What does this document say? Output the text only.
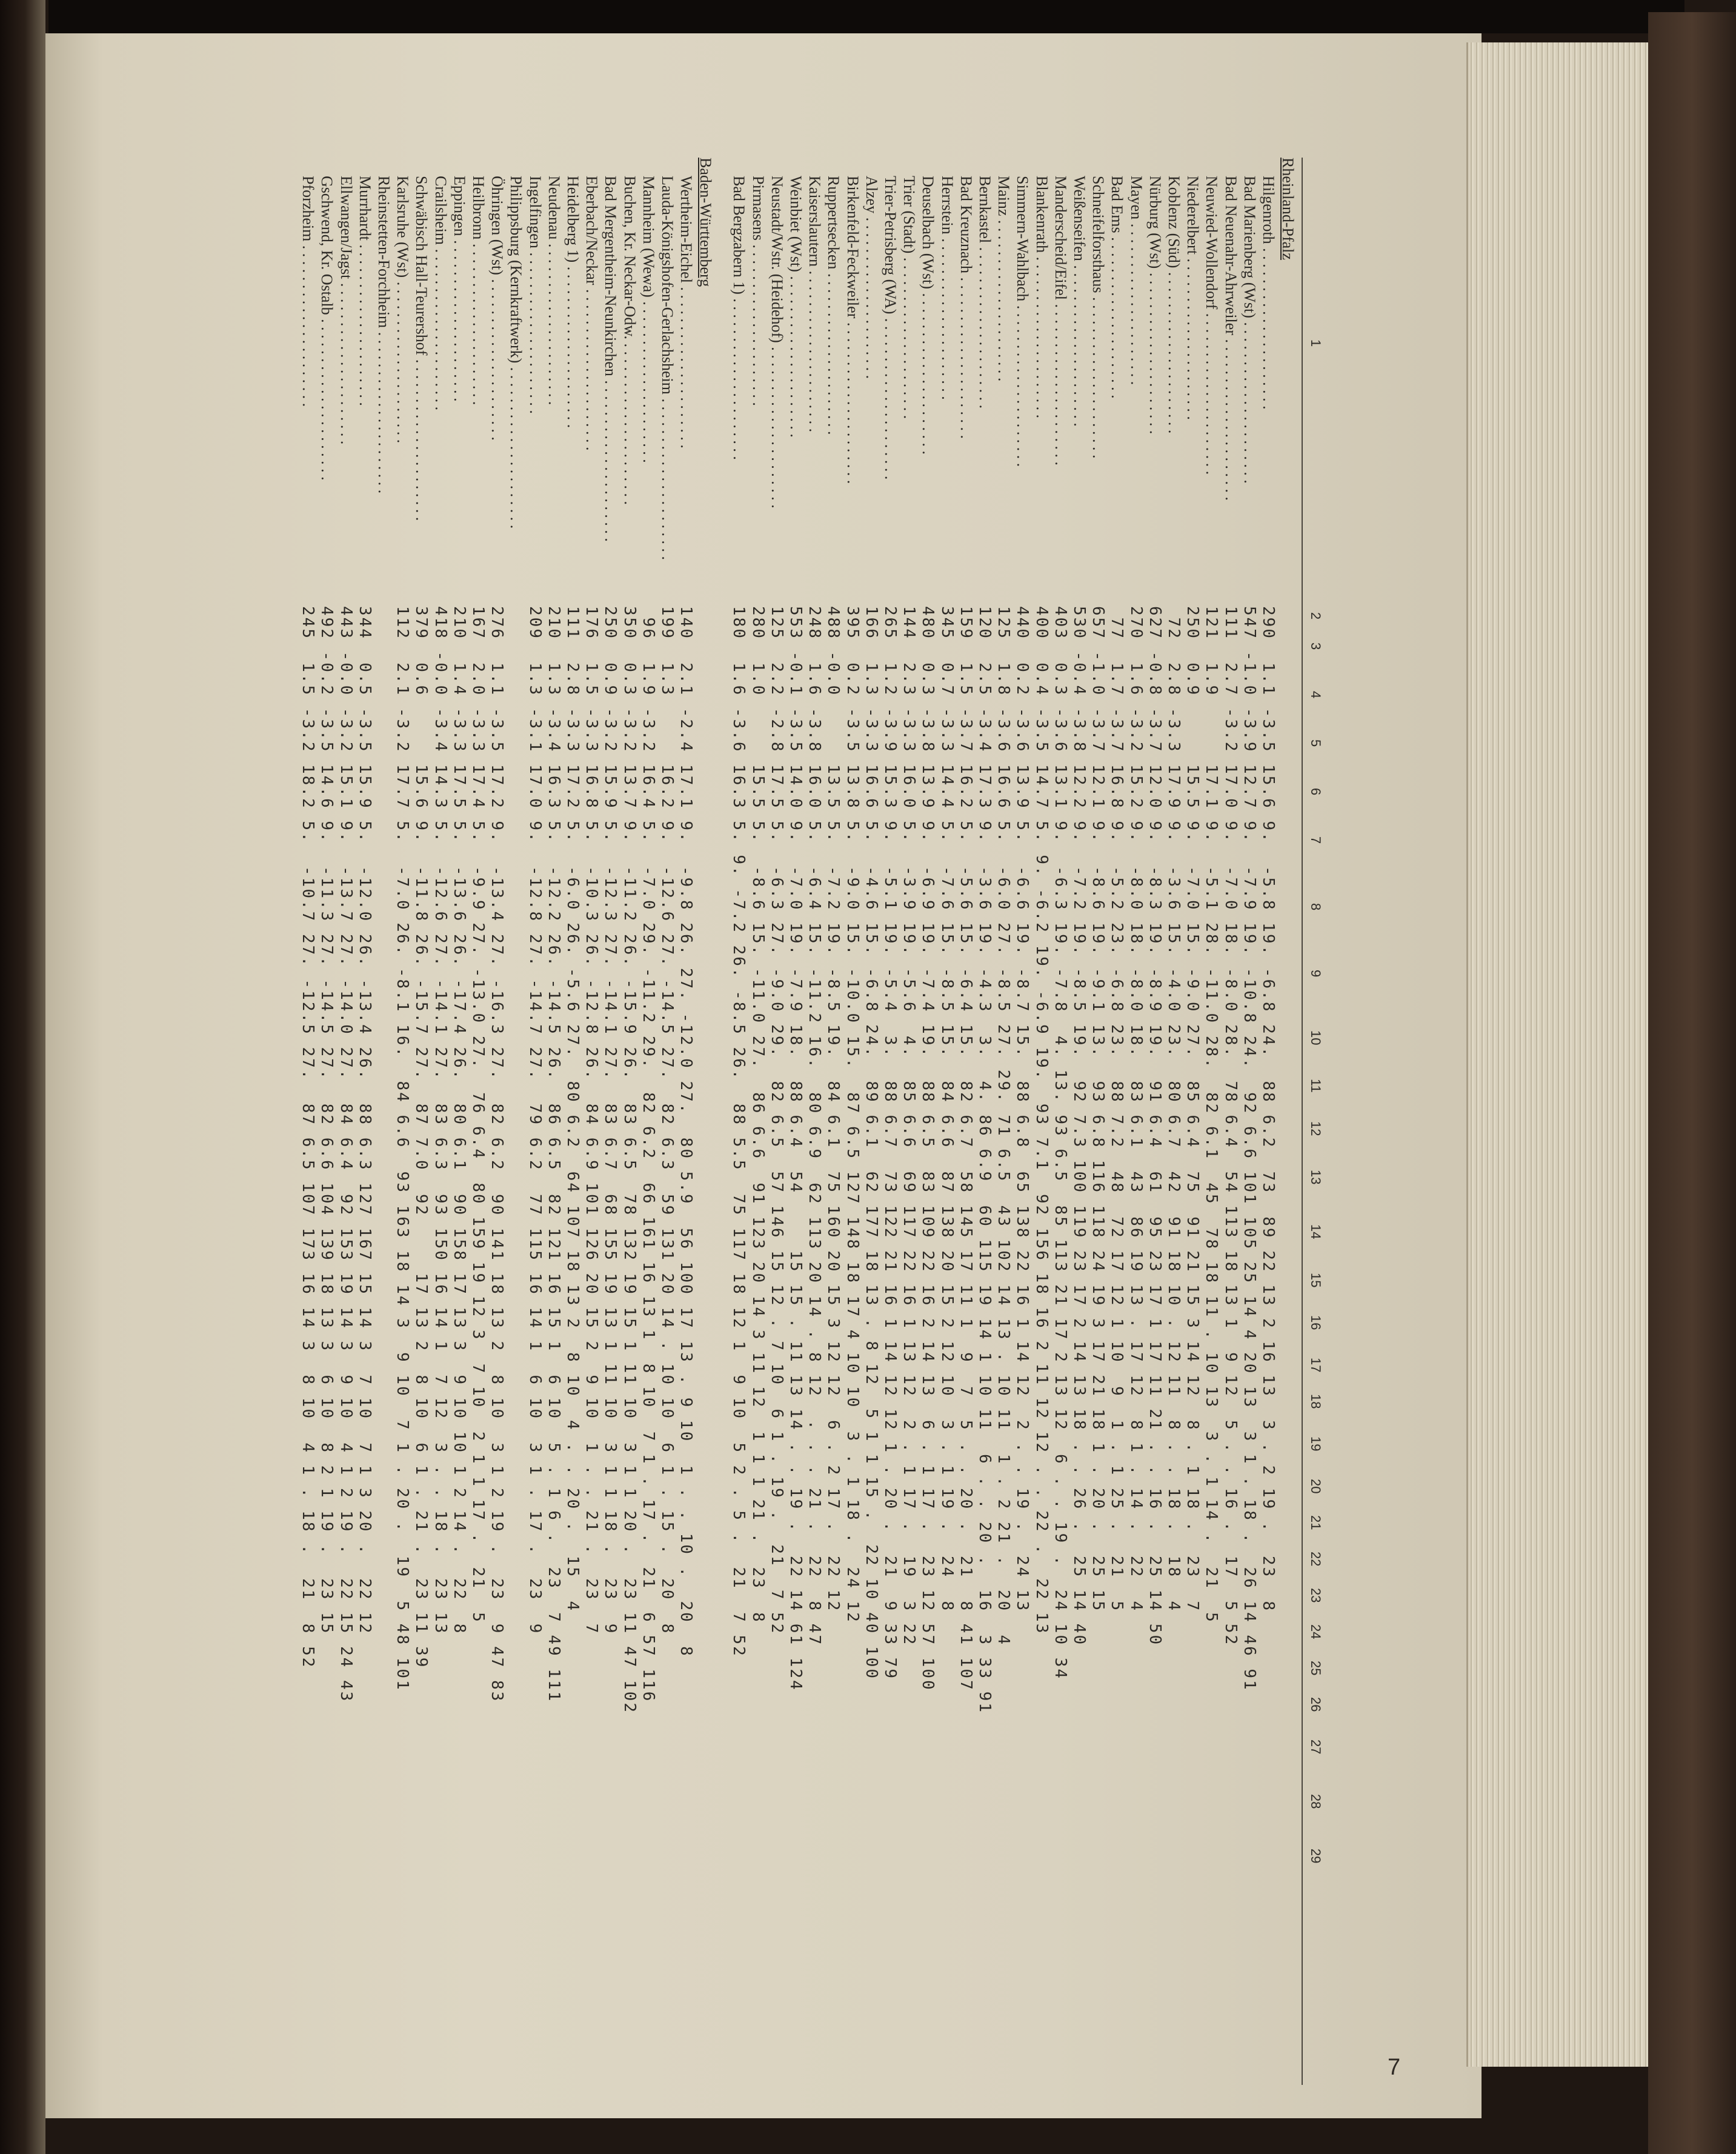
1
2
3
4
5
6
7
8
9
10
11
12
13
14
15
16
17
18
19
20
21
22
23
24
25
26
27
28
29
Rheinland-Pfalz
Hilgenroth . . . . . . . . . . . . . . . . . . . . .
290  1.1 -3.5 15.6 9.  -5.8 19. -6.8 24.  88 6.2  73  89 22 13 2 16 13  3 . 2 19 .  23  8
Bad Marienberg (Wst) . . . . . . . . . . . . . . . . . . . . .
547 -1.0 -3.9 12.7 9.  -7.9 19. -10.8 24.  92 6.6 101 105 25 14 4 20 13  3 1 . 18 .  26 14 46 91
Bad Neuenahr-Ahrweiler . . . . . . . . . . . . . . . . . . . . .
111  2.7 -3.2 17.0 9.  -7.0 18. -8.0 28.  78 6.4  54 113 18 13 1  9 12  5 . . 16 .  17  5 52
Neuwied-Wollendorf . . . . . . . . . . . . . . . . . . . . .
121  1.9      17.1 9.  -5.1 28. -11.0 28.  82 6.1  45  78 18 11 . 10 13  3 . 1 14 .  21  5
Niederelbert . . . . . . . . . . . . . . . . . . . . .
250  0.9      15.5 9.  -7.0 15. -9.0 27.  85 6.4  75  91 21 15 3 14 12  8 . 1 18 .  23  7
Koblenz (Süd) . . . . . . . . . . . . . . . . . . . . .
72  2.8 -3.3 17.9 9.  -3.6 15. -4.0 23.  80 6.7  42  91 18 10 . 12 11  8 . . 18 .  18  4
Nürburg (Wst) . . . . . . . . . . . . . . . . . . . . .
627 -0.8 -3.7 12.0 9.  -8.3 19. -8.9 19.  91 6.4  61  95 23 17 1 17 11 21 . . 16 .  25 14 50
Mayen . . . . . . . . . . . . . . . . . . . . .
270  1.6 -3.2 15.2 9.  -8.0 18. -8.0 18.  83 6.1  43  86 19 13 . 17 12  8 1 . 14 .  22  4
Bad Ems . . . . . . . . . . . . . . . . . . . . .
77  1.7 -3.7 16.8 9.  -5.2 23. -6.8 23.  88 7.2  48  72 17 12 1 10  9  1 . 1 25 .  21  5
Schneifelforsthaus . . . . . . . . . . . . . . . . . . . . .
657 -1.0 -3.7 12.1 9.  -8.6 19. -9.1 13.  93 6.8 116 118 24 19 3 17 21 18 1 . 20 .  25 15
Weißenseifen . . . . . . . . . . . . . . . . . . . . .
530 -0.4 -3.8 12.2 9.  -7.2 19. -8.5 19.  92 7.3 100 119 23 17 2 14 13 18 . . 26 .  25 14 40
Manderscheid/Eifel . . . . . . . . . . . . . . . . . . . . .
403  0.3 -3.6 13.1 9.  -6.3 19. -7.8  4. 13. 93 6.5  85 113 21 17 2 13 12  6 . . 19 .  24 10 34
Blankenrath . . . . . . . . . . . . . . . . . . . . .
400  0.4 -3.5 14.7 5. 9. -6.2 19. -6.9 19.  93 7.1  92 156 18 16 2 11 12 12 . . 22 .  22 13
Simmern-Wahlbach . . . . . . . . . . . . . . . . . . . . .
440  0.2 -3.6 13.9 5.  -6.6 19. -8.7 15.  88 6.8  65 138 22 16 1 14 12  2 . . 19 .  24 13
Mainz . . . . . . . . . . . . . . . . . . . . .
125  1.8 -3.6 16.6 5.  -6.0 27. -8.5 27. 29. 71 6.5  43 102 14 13 . 10 11  1 . 2 21 .  20  4
Bernkastel . . . . . . . . . . . . . . . . . . . . .
120  2.5 -3.4 17.3 9.  -3.6 19. -4.3  3.  4. 86 6.9  60 115 19 14 1 10 11  6 . . 20 .  16  3 33 91
Bad Kreuznach . . . . . . . . . . . . . . . . . . . . .
159  1.5 -3.7 16.2 5.  -5.6 15. -6.4 15.  82 6.7  58 145 17 11 1  9  7  5 . . 20 .  21  8 41 107
Herrstein . . . . . . . . . . . . . . . . . . . . .
345  0.7 -3.3 14.4 5.  -7.6 15. -8.5 15.  84 6.6  87 138 20 15 2 12 10  3 . 1 19 .  24  8
Deuselbach (Wst) . . . . . . . . . . . . . . . . . . . . .
480  0.3 -3.8 13.9 9.  -6.9 19. -7.4 19.  88 6.5  83 109 22 16 2 14 13  6 . 1 17 .  23 12 57 100
Trier (Stadt) . . . . . . . . . . . . . . . . . . . . .
144  2.3 -3.3 16.0 5.  -3.9 19. -5.6  4.  85 6.6  69 117 22 16 1 13 12  2 . 1 17 .  19  3 22
Trier-Petrisberg (WA) . . . . . . . . . . . . . . . . . . . . .
265  1.2 -3.9 15.3 9.  -5.1 19. -5.4  3.  88 6.7  73 122 21 16 1 14 12 12 1 . 20 .  21  9 33 79
Alzey . . . . . . . . . . . . . . . . . . . . .
166  1.3 -3.3 16.6 5.  -4.6 15. -6.8 24.  89 6.1  62 177 18 13 . 8 12  5 1 1 15 .  22 10 40 100
Birkenfeld-Feckweiler . . . . . . . . . . . . . . . . . . . . .
395  0.2 -3.5 13.8 5.  -9.0 15. -10.0 15.  87 6.5 127 148 18 17 4 10 10  3 . 1 18 .  24 12
Ruppertsecken . . . . . . . . . . . . . . . . . . . . .
488 -0.0      13.5 5.  -7.2 19. -8.5 19.  84 6.1  75 160 20 15 3 12 12  6 . 2 17 .  22 12
Kaiserslautern . . . . . . . . . . . . . . . . . . . . .
248  1.6 -3.8 16.0 5.  -6.4 15. -11.2 16.  80 6.9  62 113 20 14 . 8 12  . . . 21 .  22  8 47
Weinbiet (Wst) . . . . . . . . . . . . . . . . . . . . .
553 -0.1 -3.5 14.0 9.  -7.0 19. -7.9 18.  88 6.4  54     15 15 . 11 13 14 . . 19 .  22 14 61 124
Neustadt/Wstr. (Heidehof) . . . . . . . . . . . . . . . . . . . . .
125  2.2 -2.8 17.5 5.  -6.3 27. -9.0 29.  82 6.5  57 146 15 12 . 7 10  6 1 . 19 .  21  7 52
Pirmasens . . . . . . . . . . . . . . . . . . . . .
280  1.0      15.5 5.  -8.6 15. -11.0 27.  86 6.6  91 123 20 14 3 11 12  1 1 1 21 .  23  8
Bad Bergzabern 1) . . . . . . . . . . . . . . . . . . . . .
180  1.6 -3.6 16.3 5. 9. -7.2 26. -8.5 26.  88 5.5  75 117 18 12 1  9 10  5 2 . 5 .  21  7 52
Baden-Württemberg
Wertheim-Eichel . . . . . . . . . . . . . . . . . . . . .
140  2.1 -2.4 17.1 9.  -9.8 26. 27. -12.0 27.  80 5.9  56 100 17 13 . 9 10  1 . . 10 .  20  8
Lauda-Königshofen-Gerlachsheim . . . . . . . . . . . . . . . . . . . . .
199  1.3      16.2 9.  -12.6 27. -14.5 27.  82 6.3  59 131 20 14 . 10 10  6 1 . 15 .  20  8
Mannheim (Wewa) . . . . . . . . . . . . . . . . . . . . .
96  1.9 -3.2 16.4 5.  -7.0 29. -11.2 29.  82 6.2  66 161 16 13 1  8 10  7 1 . 17 .  21  6 57 116
Buchen, Kr. Neckar-Odw. . . . . . . . . . . . . . . . . . . . . .
350  0.3 -3.2 13.7 9.  -11.2 26. -15.9 26.  83 6.5  78 132 19 15 1 11 10  3 1 1 20 .  23 11 47 102
Bad Mergentheim-Neunkirchen . . . . . . . . . . . . . . . . . . . . .
250  0.9 -3.2 15.9 5.  -12.3 27. -14.1 27.  83 6.7  68 155 19 13 1 11 10  3 1 1 18 .  23  9
Eberbach/Neckar . . . . . . . . . . . . . . . . . . . . .
176  1.5 -3.3 16.8 5.  -10.3 26. -12.8 26.  84 6.9 101 126 20 15 2  9 10  1 . . 21 .  23  7
Heidelberg 1) . . . . . . . . . . . . . . . . . . . . .
111  2.8 -3.3 17.2 5.  -6.0 26. -5.6 27.  80 6.2  64 107 18 13 2  8 10  4 . . 20 .  15  4
Neudenau . . . . . . . . . . . . . . . . . . . . .
210  1.3 -3.4 16.3 5.  -12.2 26. -14.5 26.  86 6.5  82 121 16 15 1  6 10  5 . 1 6 .  23  7 49 111
Ingelfingen . . . . . . . . . . . . . . . . . . . . .
209  1.3 -3.1 17.0 9.  -12.8 27. -14.7 27.  79 6.2  77 115 16 14 1  6 10  3 1 . 17 .  23  9
Philippsburg (Kernkraftwerk) . . . . . . . . . . . . . . . . . . . . .
Öhringen (Wst) . . . . . . . . . . . . . . . . . . . . .
276  1.1 -3.5 17.2 9.  -13.4 27. -16.3 27.  82 6.2  90 141 18 13 2  8 10  3 1 2 19 .  23  9 47 83
Heilbronn . . . . . . . . . . . . . . . . . . . . .
167  2.0 -3.3 17.4 5.  -9.9 27. -13.0 27.  76 6.4  80 159 19 12 3  7 10  2 1 1 17 .  21  5
Eppingen . . . . . . . . . . . . . . . . . . . . .
210  1.4 -3.3 17.5 5.  -13.6 26. -17.4 26.  80 6.1  90 158 17 13 3  9 10 10 1 2 14 .  22  8
Crailsheim . . . . . . . . . . . . . . . . . . . . .
418 -0.0 -3.4 14.3 5.  -12.6 27. -14.1 27.  83 6.3  93 150 16 14 1  7 12  3 . . 18 .  23 13
Schwäbisch Hall-Teurershof . . . . . . . . . . . . . . . . . . . . .
379  0.6      15.6 9.  -11.8 26. -15.7 27.  87 7.0  92     17 13 2  8 10  6 1 . 21 .  23 11 39
Karlsruhe (Wst) . . . . . . . . . . . . . . . . . . . . .
112  2.1 -3.2 17.7 5.  -7.0 26. -8.1 16.  84 6.6  93 163 18 14 3  9 10  7 1 . 20 .  19  5 48 101
Rheinstetten-Forchheim . . . . . . . . . . . . . . . . . . . . .
Murrhardt . . . . . . . . . . . . . . . . . . . . .
344  0.5 -3.5 15.9 5.  -12.0 26. -13.4 26.  88 6.3 127 167 15 14 3  7 10  7 1 3 20 .  22 12
Ellwangen/Jagst . . . . . . . . . . . . . . . . . . . . .
443 -0.0 -3.2 15.1 9.  -13.7 27. -14.0 27.  84 6.4  92 153 19 14 3  9 10  4 1 2 19 .  22 15 24 43
Gschwend, Kr. Ostalb . . . . . . . . . . . . . . . . . . . . .
492 -0.2 -3.5 14.6 9.  -11.3 27. -14.5 27.  82 6.6 104 139 18 13 3  6 10  8 2 1 19 .  23 15
Pforzheim . . . . . . . . . . . . . . . . . . . . .
245  1.5 -3.2 18.2 5.  -10.7 27. -12.5 27.  87 6.5 107 173 16 14 3  8 10  4 1 . 18 .  21  8 52
7
